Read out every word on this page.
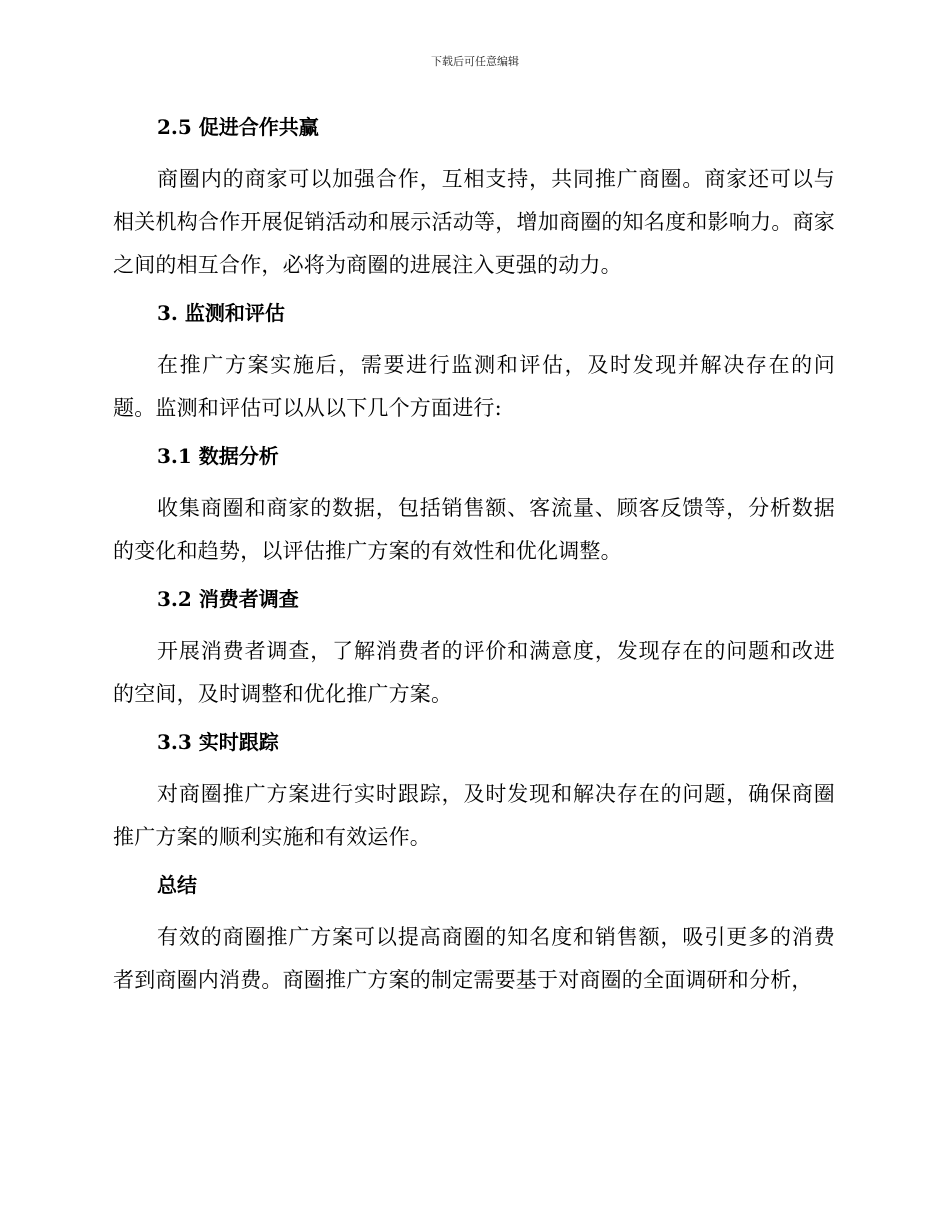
下载后可任意编辑
2.5 促进合作共赢

商圈内的商家可以加强合作，互相支持，共同推广商圈。商家还可以与相关机构合作开展促销活动和展示活动等，增加商圈的知名度和影响力。商家之间的相互合作，必将为商圈的进展注入更强的动力。

3. 监测和评估

在推广方案实施后，需要进行监测和评估，及时发现并解决存在的问题。监测和评估可以从以下几个方面进行:

3.1 数据分析

收集商圈和商家的数据，包括销售额、客流量、顾客反馈等，分析数据的变化和趋势，以评估推广方案的有效性和优化调整。

3.2 消费者调查

开展消费者调查，了解消费者的评价和满意度，发现存在的问题和改进的空间，及时调整和优化推广方案。

3.3 实时跟踪

对商圈推广方案进行实时跟踪，及时发现和解决存在的问题，确保商圈推广方案的顺利实施和有效运作。

总结

有效的商圈推广方案可以提高商圈的知名度和销售额，吸引更多的消费者到商圈内消费。商圈推广方案的制定需要基于对商圈的全面调研和分析，
